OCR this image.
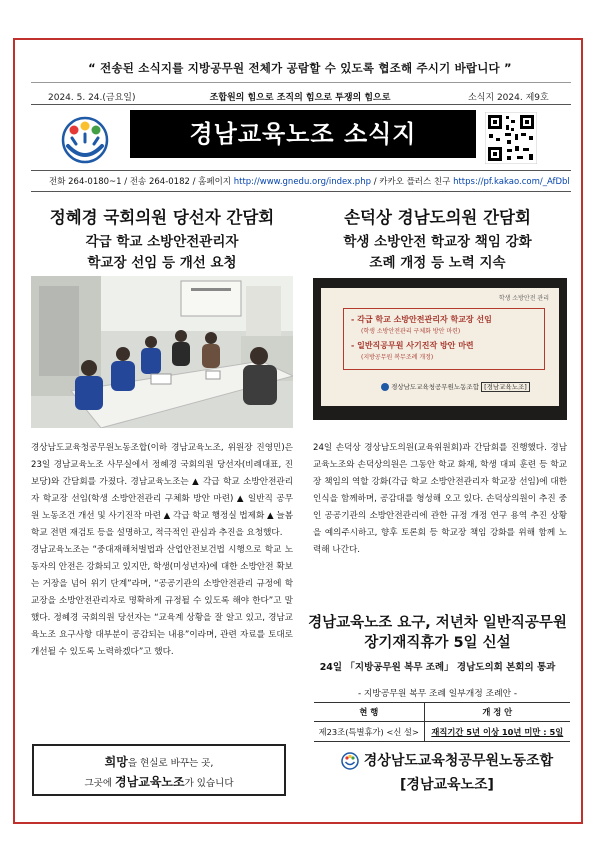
“ 전송된 소식지를 지방공무원 전체가 공람할 수 있도록 협조해 주시기 바랍니다 ”
2024. 5. 24.(금요일)	조합원의 힘으로 조직의 힘으로 투쟁의 힘으로	소식지 2024. 제9호
경남교육노조 소식지
전화 264-0180~1 / 전송 264-0182 / 홈페이지 http://www.gnedu.org/index.php / 카카오 플러스 친구 https://pf.kakao.com/_AfDbl
정혜경 국회의원 당선자 간담회
각급 학교 소방안전관리자
학교장 선임 등 개선 요청

경상남도교육청공무원노동조합(이하 경남교육노조, 위원장 진영민)은 23일 경남교육노조 사무실에서 정혜경 국회의원 당선자(비례대표, 진보당)와 간담회를 가졌다. 경남교육노조는 ▲ 각급 학교 소방안전관리자 학교장 선임(학생 소방안전관리 구체화 방안 마련) ▲ 일반직 공무원 노동조건 개선 및 사기진작 마련 ▲ 각급 학교 행정실 법제화 ▲ 늘봄학교 전면 재검토 등을 설명하고, 적극적인 관심과 추진을 요청했다.

경남교육노조는 “중대재해처벌법과 산업안전보건법 시행으로 학교 노동자의 안전은 강화되고 있지만, 학생(미성년자)에 대한 소방안전 확보는 거장을 넘어 위기 단계”라며, “공공기관의 소방안전관리 규정에 학교장을 소방안전관리자로 명확하게 규정될 수 있도록 해야 한다”고 말했다. 정혜경 국회의원 당선자는 “교육계 상황을 잘 알고 있고, 경남교육노조 요구사항 대부분이 공감되는 내용”이라며, 관련 자료를 토대로 개선될 수 있도록 노력하겠다”고 했다.

손덕상 경남도의원 간담회
학생 소방안전 학교장 책임 강화
조례 개정 등 노력 지속
학생 소방안전 관리
- 각급 학교 소방안전관리자 학교장 선임
(학생 소방안전관리 구체화 방안 마련)
- 일반직공무원 사기진작 방안 마련
(지방공무원 복무조례 개정)
경상남도교육청공무원노동조합 [경남교육노조]

24일 손덕상 경상남도의원(교육위원회)과 간담회를 진행했다. 경남교육노조와 손덕상의원은 그동안 학교 화재, 학생 대피 훈련 등 학교장 책임의 역할 강화(각급 학교 소방안전관리자 학교장 선임)에 대한 인식을 함께하며, 공감대를 형성해 오고 있다. 손덕상의원이 추진 중인 공공기관의 소방안전관리에 관한 규정 개정 연구 용역 추진 상황을 예의주시하고, 향후 토론회 등 학교장 책임 강화를 위해 함께 노력해 나간다.

경남교육노조 요구, 저년차 일반직공무원
장기재직휴가 5일 신설
24일 「지방공무원 복무 조례」 경남도의회 본회의 통과
- 지방공무원 복무 조례 일부개정 조례안 -
현 행	개 정 안
제23조(특별휴가) <신 설>	재직기간 5년 이상 10년 미만 : 5일
희망을 현실로 바꾸는 곳,
그곳에 경남교육노조가 있습니다
경상남도교육청공무원노동조합
[경남교육노조]
